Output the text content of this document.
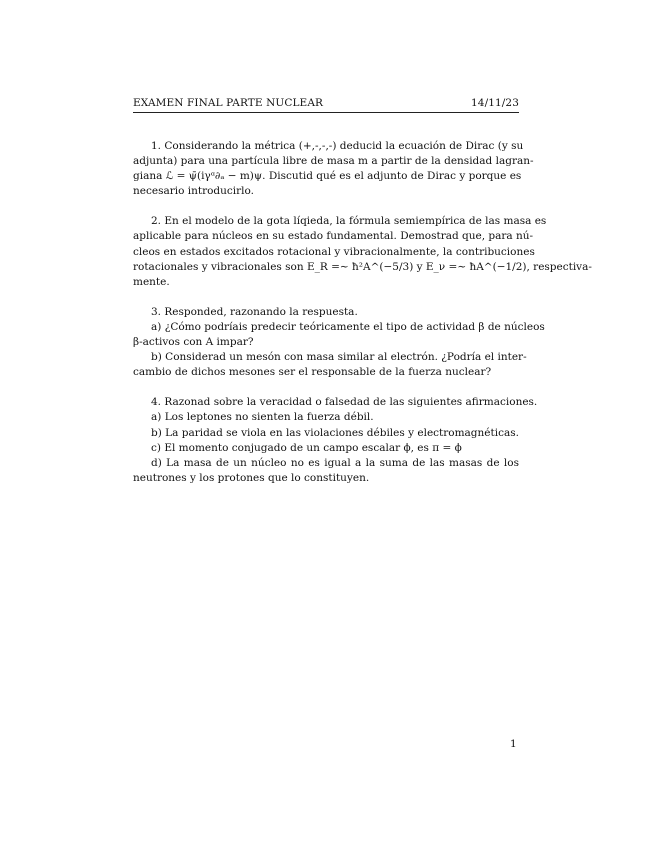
EXAMEN FINAL PARTE NUCLEAR	14/11/23
1. Considerando la métrica (+,-,-,-) deducid la ecuación de Dirac (y su
adjunta) para una partícula libre de masa m a partir de la densidad lagran-
giana ℒ = ψ̄(iγᵅ∂ₐ − m)ψ. Discutid qué es el adjunto de Dirac y porque es
necesario introducirlo.
2. En el modelo de la gota líqieda, la fórmula semiempírica de las masa es
aplicable para núcleos en su estado fundamental. Demostrad que, para nú-
cleos en estados excitados rotacional y vibracionalmente, la contribuciones
rotacionales y vibracionales son E_R =∼ ħ²A^(−5/3) y E_ν =∼ ħA^(−1/2), respectiva-
mente.
3. Responded, razonando la respuesta.
a) ¿Cómo podríais predecir teóricamente el tipo de actividad β de núcleos
β-activos con A impar?
b) Considerad un mesón con masa similar al electrón. ¿Podría el inter-
cambio de dichos mesones ser el responsable de la fuerza nuclear?
4. Razonad sobre la veracidad o falsedad de las siguientes afirmaciones.
a) Los leptones no sienten la fuerza débil.
b) La paridad se viola en las violaciones débiles y electromagnéticas.
c) El momento conjugado de un campo escalar ϕ, es π = ϕ
d) La masa de un núcleo no es igual a la suma de las masas de los
neutrones y los protones que lo constituyen.
1
